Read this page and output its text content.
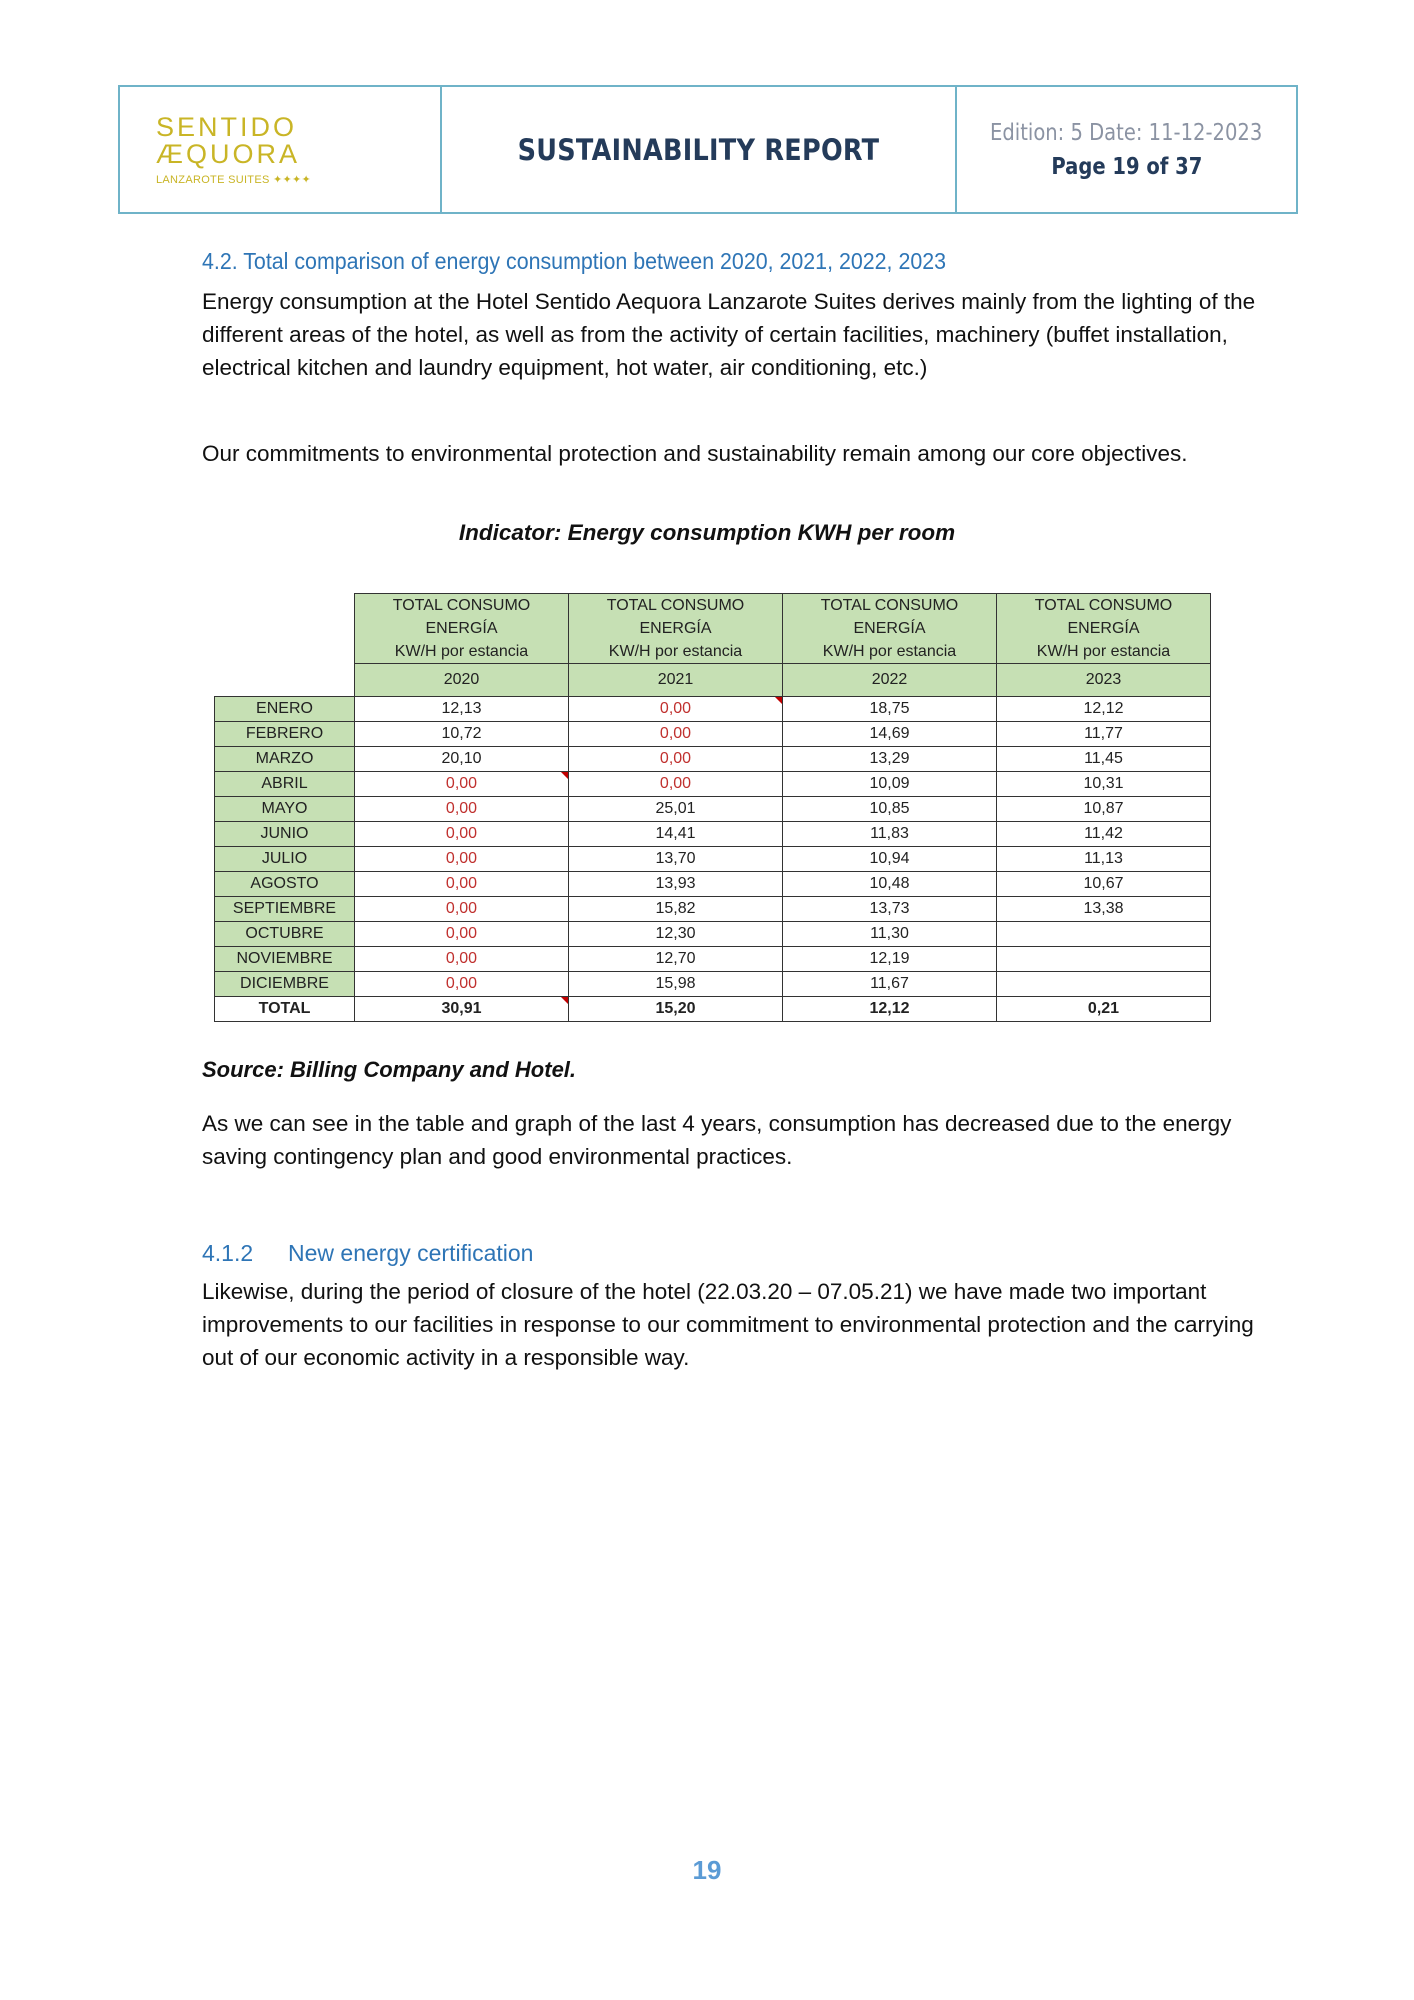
SENTIDO ÆQUORA
LANZAROTE SUITES ✦✦✦✦
SUSTAINABILITY REPORT	Edition: 5 Date: 11-12-2023
Page 19 of 37
4.2. Total comparison of energy consumption between 2020, 2021, 2022, 2023
Energy consumption at the Hotel Sentido Aequora Lanzarote Suites derives mainly from the lighting of the different areas of the hotel, as well as from the activity of certain facilities, machinery (buffet installation, electrical kitchen and laundry equipment, hot water, air conditioning, etc.)
Our commitments to environmental protection and sustainability remain among our core objectives.
Indicator: Energy consumption KWH per room
	TOTAL CONSUMO
ENERGÍA
KW/H por estancia	TOTAL CONSUMO
ENERGÍA
KW/H por estancia	TOTAL CONSUMO
ENERGÍA
KW/H por estancia	TOTAL CONSUMO
ENERGÍA
KW/H por estancia
	2020	2021	2022	2023
ENERO	12,13	0,00	18,75	12,12
FEBRERO	10,72	0,00	14,69	11,77
MARZO	20,10	0,00	13,29	11,45
ABRIL	0,00	0,00	10,09	10,31
MAYO	0,00	25,01	10,85	10,87
JUNIO	0,00	14,41	11,83	11,42
JULIO	0,00	13,70	10,94	11,13
AGOSTO	0,00	13,93	10,48	10,67
SEPTIEMBRE	0,00	15,82	13,73	13,38
OCTUBRE	0,00	12,30	11,30	
NOVIEMBRE	0,00	12,70	12,19	
DICIEMBRE	0,00	15,98	11,67	
TOTAL	30,91	15,20	12,12	0,21
Source: Billing Company and Hotel.
As we can see in the table and graph of the last 4 years, consumption has decreased due to the energy saving contingency plan and good environmental practices.
4.1.2 New energy certification
Likewise, during the period of closure of the hotel (22.03.20 – 07.05.21) we have made two important improvements to our facilities in response to our commitment to environmental protection and the carrying out of our economic activity in a responsible way.
19
